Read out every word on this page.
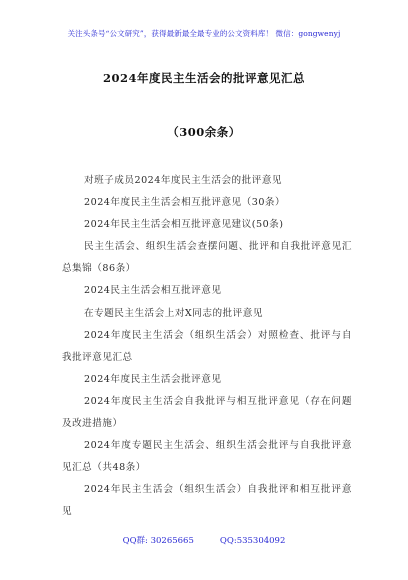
关注头条号“公文研究”，获得最新最全最专业的公文资料库！ 微信：gongwenyj
2024年度民主生活会的批评意见汇总
（300余条）
对班子成员2024年度民主生活会的批评意见
2024年度民主生活会相互批评意见（30条）
2024年民主生活会相互批评意见建议(50条)
民主生活会、组织生活会查摆问题、批评和自我批评意见汇总集锦（86条）
2024民主生活会相互批评意见
在专题民主生活会上对X同志的批评意见
2024年度民主生活会（组织生活会）对照检查、批评与自我批评意见汇总
2024年度民主生活会批评意见
2024年度民主生活会自我批评与相互批评意见（存在问题及改进措施）
2024年度专题民主生活会、组织生活会批评与自我批评意见汇总（共48条）
2024年民主生活会（组织生活会）自我批评和相互批评意见
QQ群: 30265665	QQ:535304092
